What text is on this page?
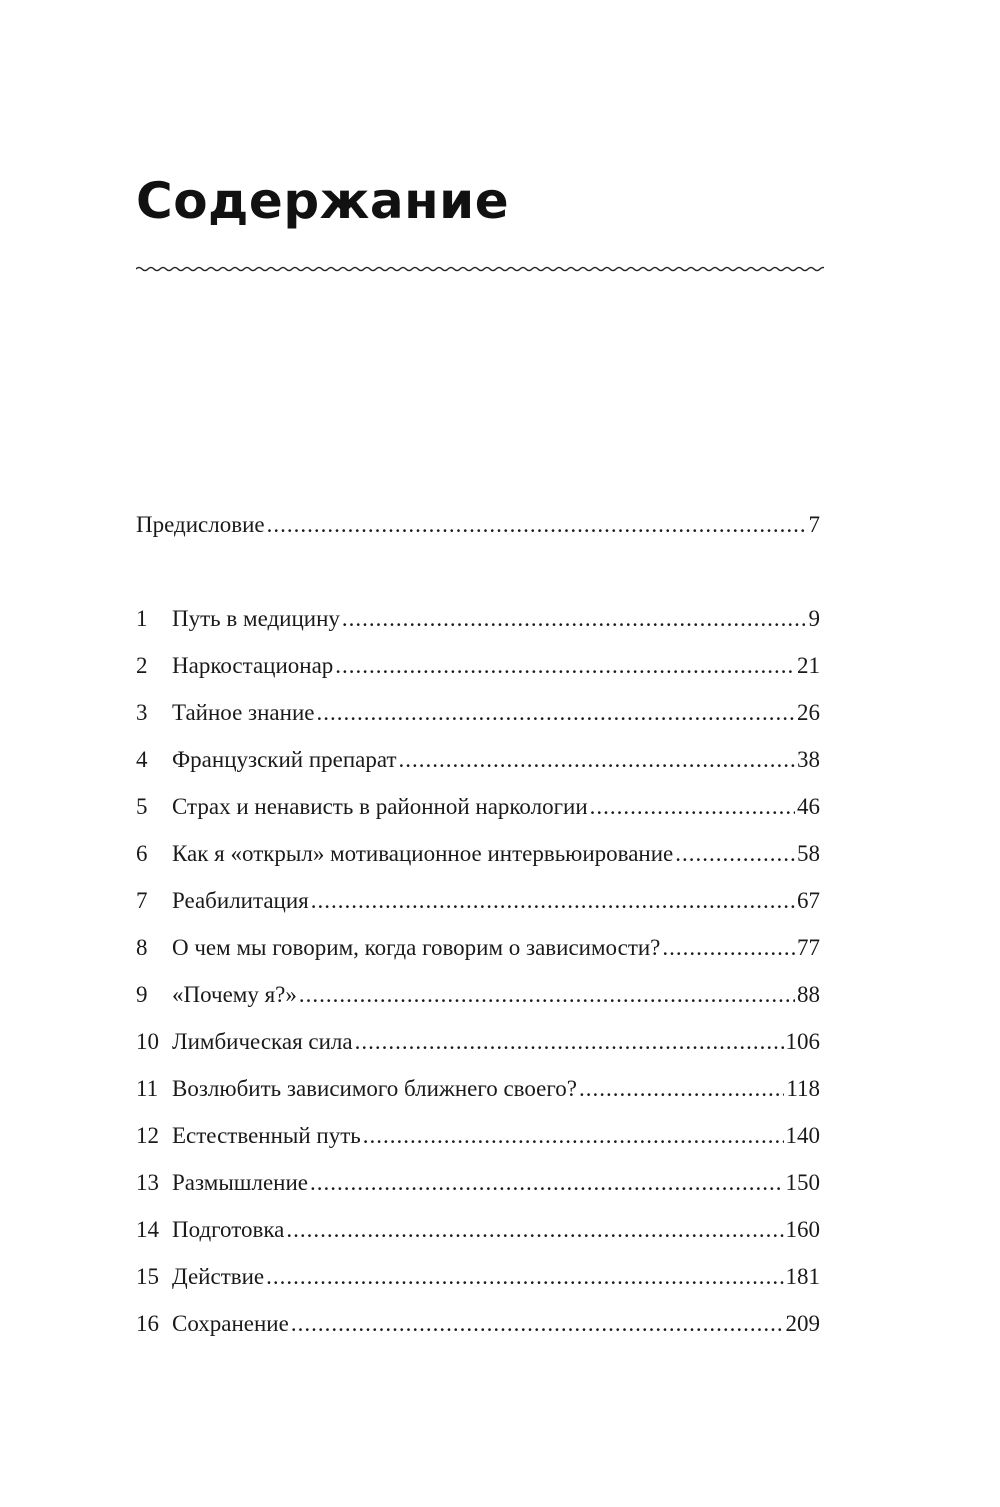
Содержание
Предисловие .....	7
1	Путь в медицину .....	9
2	Наркостационар .....	21
3	Тайное знание .....	26
4	Французский препарат .....	38
5	Страх и ненависть в районной наркологии .....	46
6	Как я «открыл» мотивационное интервьюирование .....	58
7	Реабилитация .....	67
8	О чем мы говорим, когда говорим о зависимости? .....	77
9	«Почему я?» .....	88
10 Лимбическая сила .....	106
11 Возлюбить зависимого ближнего своего? .....	118
12 Естественный путь .....	140
13 Размышление .....	150
14 Подготовка .....	160
15 Действие .....	181
16 Сохранение .....	209
